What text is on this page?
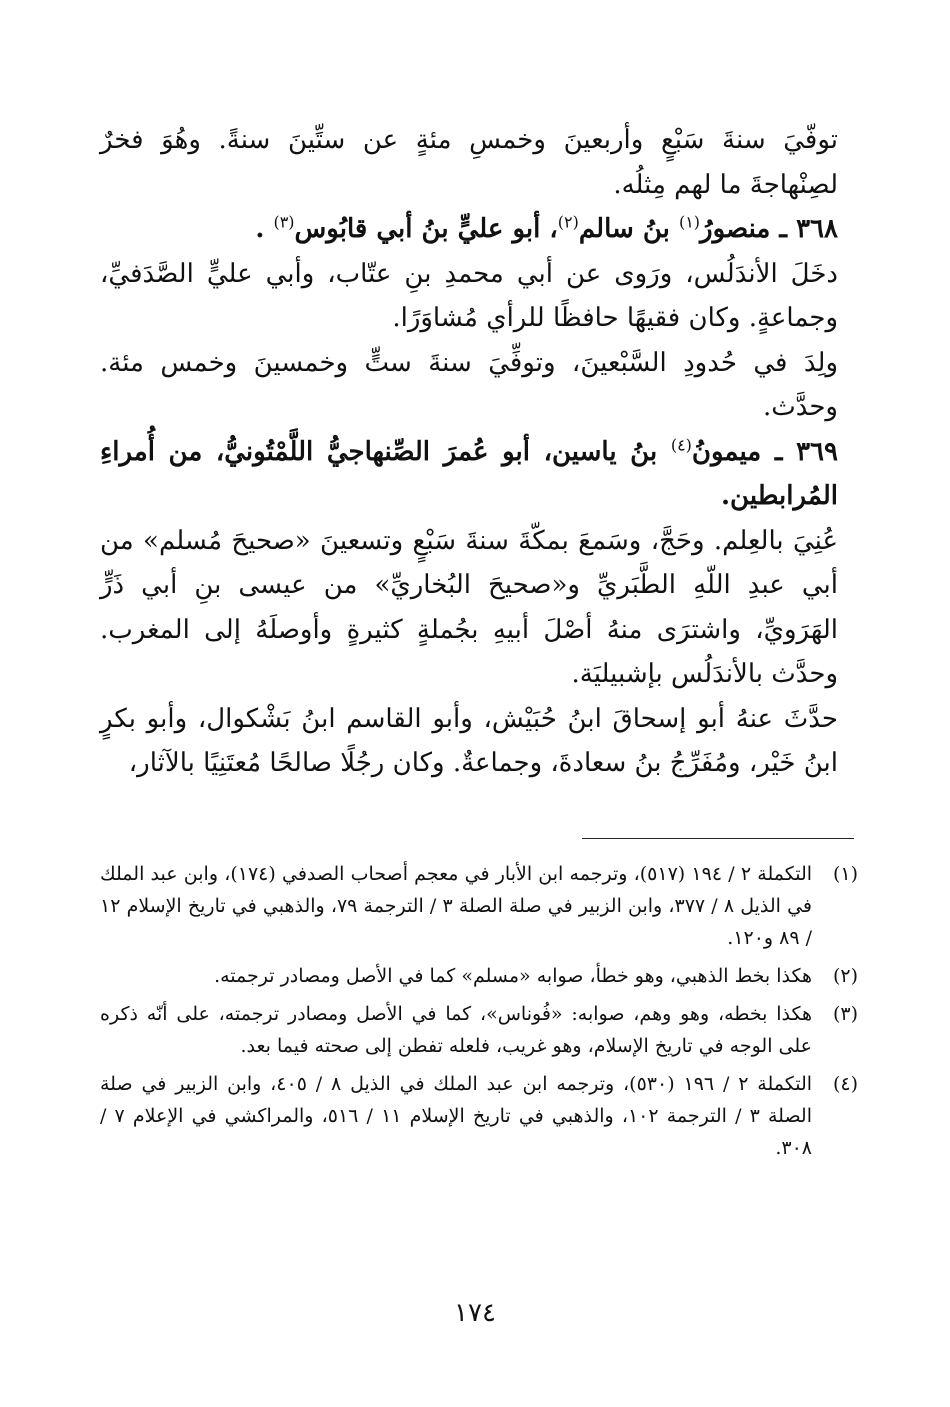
توفّيَ سنةَ سَبْعٍ وأربعينَ وخمسِ مئةٍ عن ستِّينَ سنةً. وهُوَ فخرٌ لصِنْهاجةَ ما لهم مِثلُه.

٣٦٨ ـ منصورُ$^{(١)}$ بنُ سالم$^{(٢)}$، أبو عليٍّ بنُ أبي قابُوس$^{(٣)}$ .

دخَلَ الأندَلُس، ورَوى عن أبي محمدِ بنِ عتّاب، وأبي عليٍّ الصَّدَفيِّ، وجماعةٍ. وكان فقيهًا حافظًا للرأي مُشاوَرًا.

ولِدَ في حُدودِ السَّبْعينَ، وتوفِّيَ سنةَ ستٍّ وخمسينَ وخمس مئة. وحدَّث.

٣٦٩ ـ ميمونُ$^{(٤)}$ بنُ ياسين، أبو عُمرَ الصِّنهاجيُّ اللَّمْتُونيُّ، من أُمراءِ المُرابطين.

عُنِيَ بالعِلم. وحَجَّ، وسَمعَ بمكّةَ سنةَ سَبْعٍ وتسعينَ «صحيحَ مُسلم» من أبي عبدِ اللّهِ الطَّبَريِّ و«صحيحَ البُخاريِّ» من عيسى بنِ أبي ذَرٍّ الهَرَويِّ، واشترَى منهُ أصْلَ أبيهِ بجُملةٍ كثيرةٍ وأوصلَهُ إلى المغرب. وحدَّث بالأندَلُس بإشبيليَة.

حدَّثَ عنهُ أبو إسحاقَ ابنُ حُبَيْش، وأبو القاسم ابنُ بَشْكوال، وأبو بكرٍ ابنُ خَيْر، ومُفَرِّجُ بنُ سعادةَ، وجماعةٌ. وكان رجُلًا صالحًا مُعتَنِيًا بالآثار،

(١)
التكملة ٢ / ١٩٤ (٥١٧)، وترجمه ابن الأبار في معجم أصحاب الصدفي (١٧٤)، وابن عبد الملك في الذيل ٨ / ٣٧٧، وابن الزبير في صلة الصلة ٣ / الترجمة ٧٩، والذهبي في تاريخ الإسلام ١٢ / ٨٩ و١٢٠.
(٢)
هكذا بخط الذهبي، وهو خطأ، صوابه «مسلم» كما في الأصل ومصادر ترجمته.
(٣)
هكذا بخطه، وهو وهم، صوابه: «فُوناس»، كما في الأصل ومصادر ترجمته، على أنّه ذكره على الوجه في تاريخ الإسلام، وهو غريب، فلعله تفطن إلى صحته فيما بعد.
(٤)
التكملة ٢ / ١٩٦ (٥٣٠)، وترجمه ابن عبد الملك في الذيل ٨ / ٤٠٥، وابن الزبير في صلة الصلة ٣ / الترجمة ١٠٢، والذهبي في تاريخ الإسلام ١١ / ٥١٦، والمراكشي في الإعلام ٧ / ٣٠٨.
١٧٤
